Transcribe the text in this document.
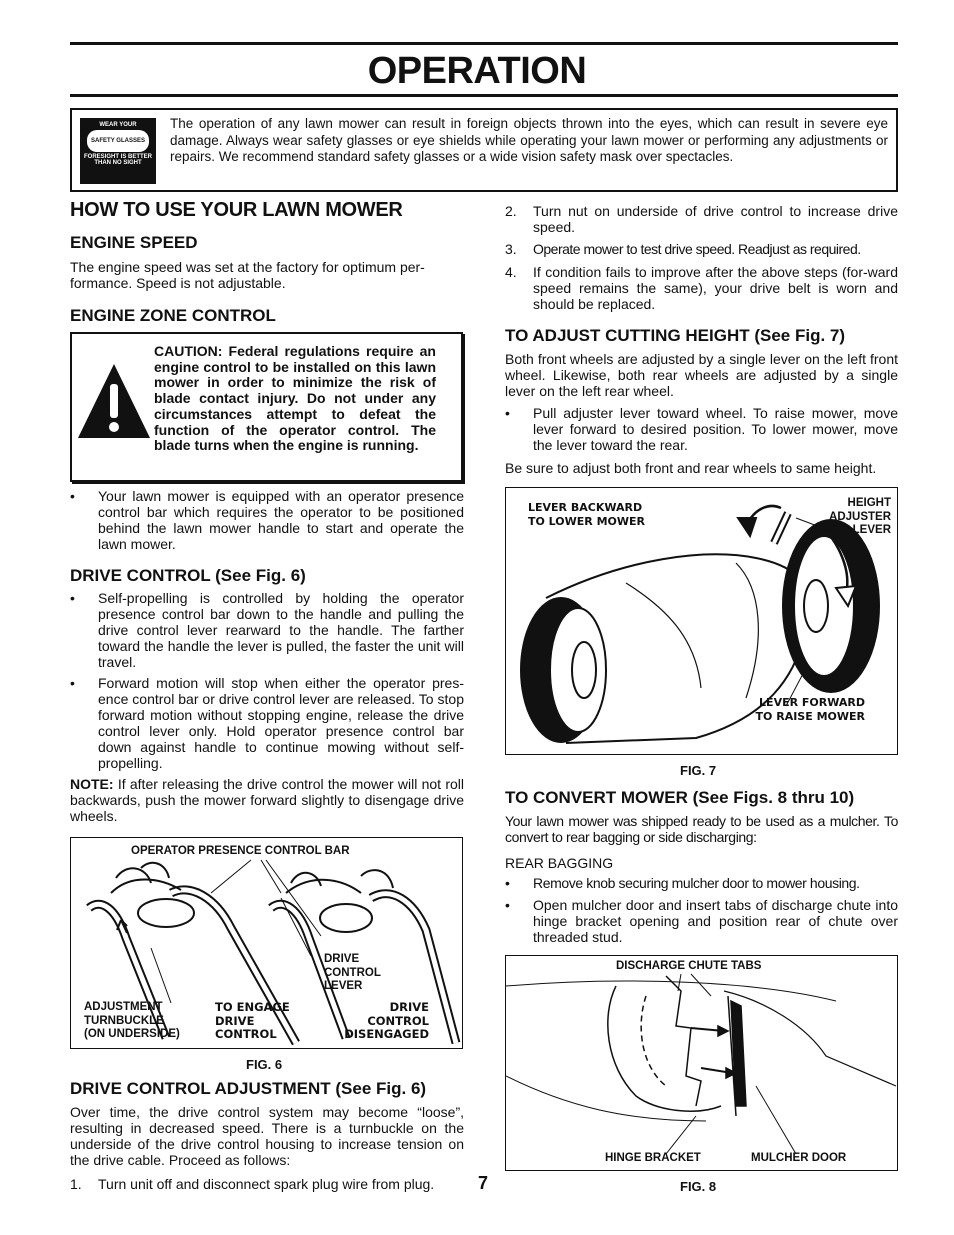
OPERATION
WEAR YOUR
SAFETY GLASSES
FORESIGHT IS BETTER
THAN NO SIGHT

The operation of any lawn mower can result in foreign objects thrown into the eyes, which can result in severe eye damage. Always wear safety glasses or eye shields while operating your lawn mower or performing any adjustments or repairs. We recommend standard safety glasses or a wide vision safety mask over spectacles.

HOW TO USE YOUR LAWN MOWER
ENGINE SPEED
The engine speed was set at the factory for optimum per-
formance. Speed is not adjustable.
ENGINE ZONE CONTROL

CAUTION: Federal regulations require an engine control to be installed on this lawn mower in order to minimize the risk of blade contact injury. Do not under any circumstances attempt to defeat the function of the operator control. The blade turns when the engine is running.

• Your lawn mower is equipped with an operator presence control bar which requires the operator to be positioned behind the lawn mower handle to start and operate the lawn mower.
DRIVE CONTROL (See Fig. 6)
• Self-propelling is controlled by holding the operator presence control bar down to the handle and pulling the drive control lever rearward to the handle. The farther toward the handle the lever is pulled, the faster the unit will travel.
• Forward motion will stop when either the operator pres-ence control bar or drive control lever are released. To stop forward motion without stopping engine, release the drive control lever only. Hold operator presence control bar down against handle to continue mowing without self-propelling.

NOTE: If after releasing the drive control the mower will not roll backwards, push the mower forward slightly to disengage drive wheels.

OPERATOR PRESENCE CONTROL BAR
DRIVE
CONTROL
LEVER
ADJUSTMENT
TURNBUCKLE
(ON UNDERSIDE)
TO ENGAGE
DRIVE
CONTROL
DRIVE
CONTROL
DISENGAGED
FIG. 6
DRIVE CONTROL ADJUSTMENT (See Fig. 6)

Over time, the drive control system may become “loose”, resulting in decreased speed. There is a turnbuckle on the underside of the drive control housing to increase tension on the drive cable. Proceed as follows:

1. Turn unit off and disconnect spark plug wire from plug.	7
2. Turn nut on underside of drive control to increase drive speed.
3. Operate mower to test drive speed. Readjust as required.
4. If condition fails to improve after the above steps (for-ward speed remains the same), your drive belt is worn and should be replaced.
TO ADJUST CUTTING HEIGHT (See Fig. 7)

Both front wheels are adjusted by a single lever on the left front wheel. Likewise, both rear wheels are adjusted by a single lever on the left rear wheel.

• Pull adjuster lever toward wheel. To raise mower, move lever forward to desired position. To lower mower, move the lever toward the rear.

Be sure to adjust both front and rear wheels to same height.

LEVER BACKWARD
TO LOWER MOWER
HEIGHT
ADJUSTER
LEVER
LEVER FORWARD
TO RAISE MOWER
FIG. 7
TO CONVERT MOWER (See Figs. 8 thru 10)

Your lawn mower was shipped ready to be used as a mulcher. To convert to rear bagging or side discharging:

REAR BAGGING

• Remove knob securing mulcher door to mower housing.
• Open mulcher door and insert tabs of discharge chute into hinge bracket opening and position rear of chute over threaded stud.
DISCHARGE CHUTE TABS
HINGE BRACKET	MULCHER DOOR
FIG. 8
